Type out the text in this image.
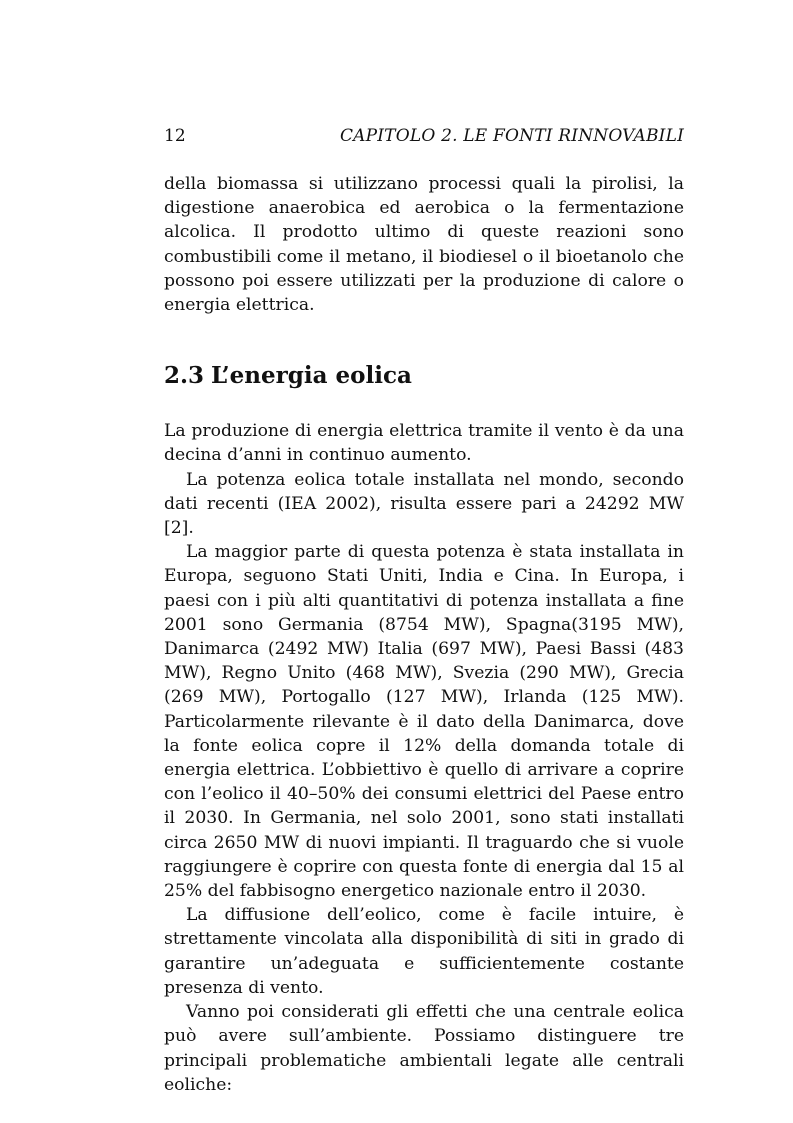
12	CAPITOLO 2. LE FONTI RINNOVABILI

della biomassa si utilizzano processi quali la pirolisi, la digestione anaerobica ed aerobica o la fermentazione alcolica. Il prodotto ultimo di queste reazioni sono combustibili come il metano, il biodiesel o il bioetanolo che possono poi essere utilizzati per la produzione di calore o energia elettrica.

2.3 L’energia eolica

La produzione di energia elettrica tramite il vento è da una decina d’anni in continuo aumento.

La potenza eolica totale installata nel mondo, secondo dati recenti (IEA 2002), risulta essere pari a 24292 MW [2].

La maggior parte di questa potenza è stata installata in Europa, seguono Stati Uniti, India e Cina. In Europa, i paesi con i più alti quantitativi di potenza installata a fine 2001 sono Germania (8754 MW), Spagna(3195 MW), Danimarca (2492 MW) Italia (697 MW), Paesi Bassi (483 MW), Regno Unito (468 MW), Svezia (290 MW), Grecia (269 MW), Portogallo (127 MW), Irlanda (125 MW). Particolarmente rilevante è il dato della Danimarca, dove la fonte eolica copre il 12% della domanda totale di energia elettrica. L’obbiettivo è quello di arrivare a coprire con l’eolico il 40–50% dei consumi elettrici del Paese entro il 2030. In Germania, nel solo 2001, sono stati installati circa 2650 MW di nuovi impianti. Il traguardo che si vuole raggiungere è coprire con questa fonte di energia dal 15 al 25% del fabbisogno energetico nazionale entro il 2030.

La diffusione dell’eolico, come è facile intuire, è strettamente vincolata alla disponibilità di siti in grado di garantire un’adeguata e sufficientemente costante presenza di vento.

Vanno poi considerati gli effetti che una centrale eolica può avere sull’ambiente. Possiamo distinguere tre principali problematiche ambientali legate alle centrali eoliche:
